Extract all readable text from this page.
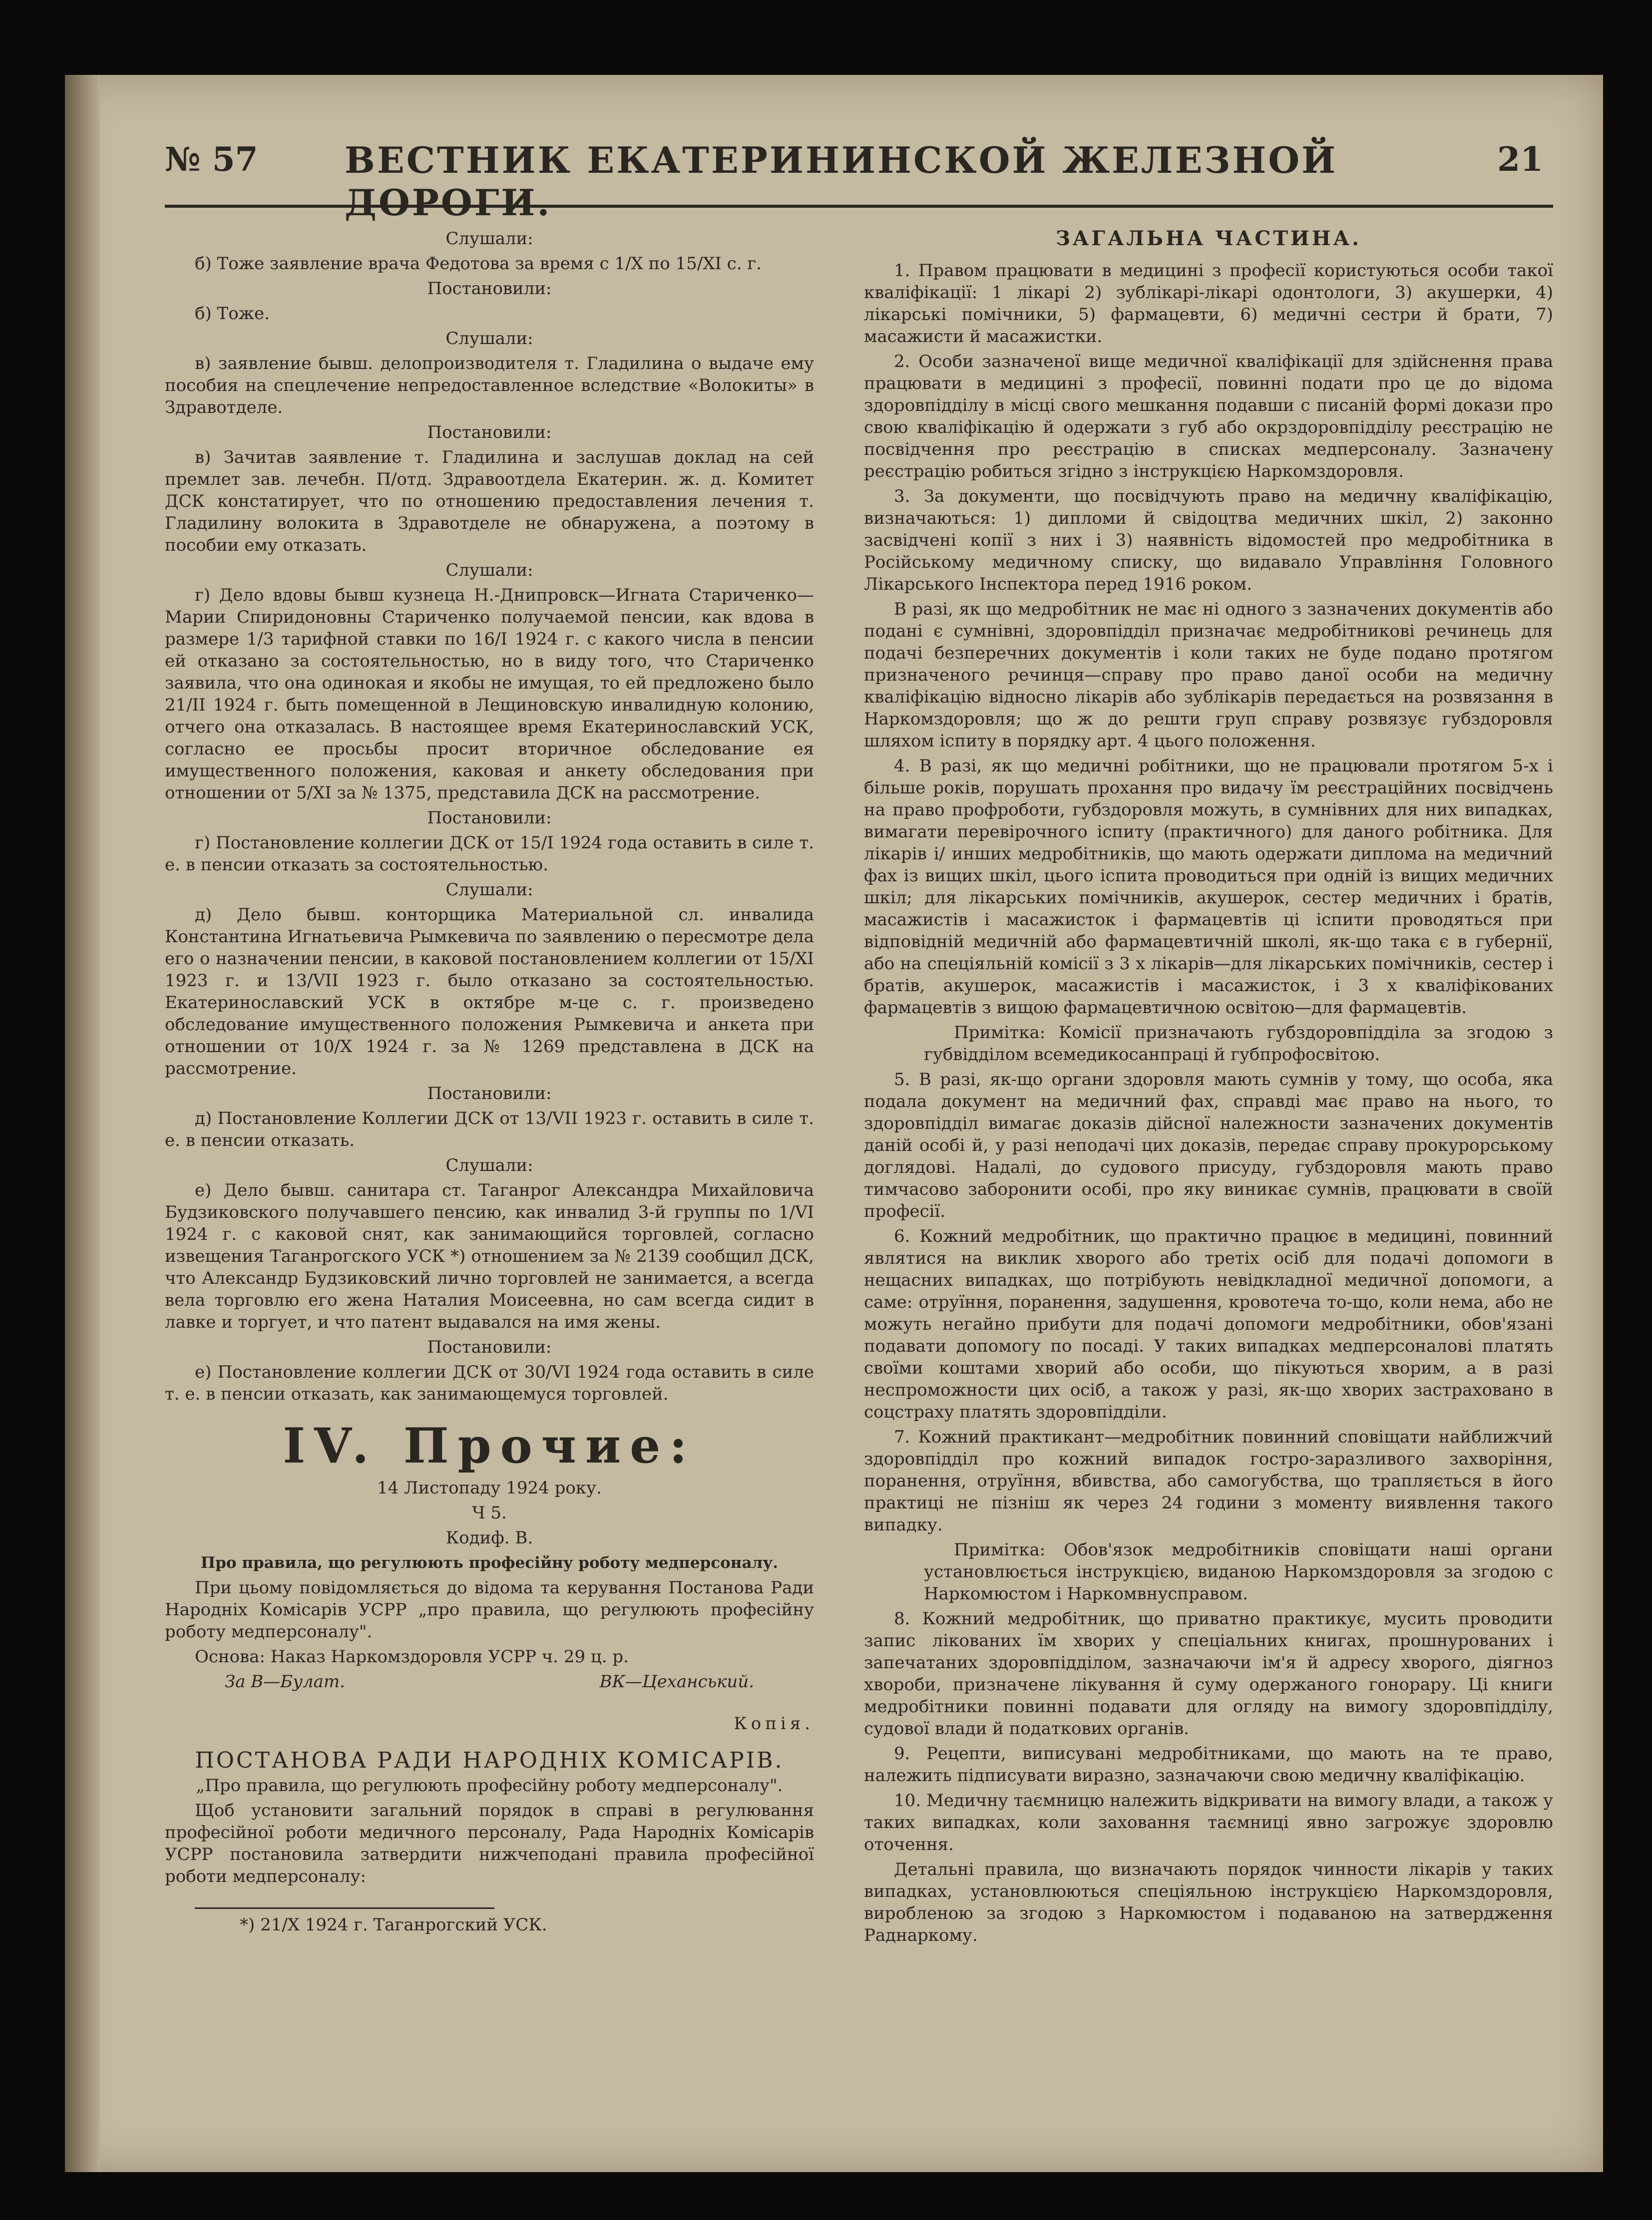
№ 57 ВЕСТНИК ЕКАТЕРИНИНСКОЙ ЖЕЛЕЗНОЙ ДОРОГИ.
21
Слушали:

б) Тоже заявление врача Федотова за время с 1/X по 15/XI с. г.

Постановили:

б) Тоже.

Слушали:

в) заявление бывш. делопроизводителя т. Гладилина о выдаче ему пособия на спецлечение непредоставленное вследствие «Волокиты» в Здравотделе.

Постановили:

в) Зачитав заявление т. Гладилина и заслушав доклад на сей премлет зав. лечебн. П/отд. Здравоотдела Екатерин. ж. д. Комитет ДСК констатирует, что по отношению предоставления лечения т. Гладилину волокита в Здравотделе не обнаружена, а поэтому в пособии ему отказать.

Слушали:

г) Дело вдовы бывш кузнеца Н.-Днипровск—Игната Стариченко—Марии Спиридоновны Стариченко получаемой пенсии, как вдова в размере 1/3 тарифной ставки по 16/I 1924 г. с какого числа в пенсии ей отказано за состоятельностью, но в виду того, что Стариченко заявила, что она одинокая и якобы не имущая, то ей предложено было 21/II 1924 г. быть помещенной в Лещиновскую инвалидную колонию, отчего она отказалась. В настоящее время Екатеринославский УСК, согласно ее просьбы просит вторичное обследование ея имущественного положения, каковая и анкету обследования при отношении от 5/XI за № 1375, представила ДСК на рассмотрение.

Постановили:

г) Постановление коллегии ДСК от 15/I 1924 года оставить в силе т. е. в пенсии отказать за состоятельностью.

Слушали:

д) Дело бывш. конторщика Материальной сл. инвалида Константина Игнатьевича Рымкевича по заявлению о пересмотре дела его о назначении пенсии, в каковой постановлением коллегии от 15/XI 1923 г. и 13/VII 1923 г. было отказано за состоятельностью. Екатеринославский УСК в октябре м-це с. г. произведено обследование имущественного положения Рымкевича и анкета при отношении от 10/X 1924 г. за № 1269 представлена в ДСК на рассмотрение.

Постановили:

д) Постановление Коллегии ДСК от 13/VII 1923 г. оставить в силе т. е. в пенсии отказать.

Слушали:

е) Дело бывш. санитара ст. Таганрог Александра Михайловича Будзиковского получавшего пенсию, как инвалид 3-й группы по 1/VI 1924 г. с каковой снят, как занимающийся торговлей, согласно извещения Таганрогского УСК *) отношением за № 2139 сообщил ДСК, что Александр Будзиковский лично торговлей не занимается, а всегда вела торговлю его жена Наталия Моисеевна, но сам всегда сидит в лавке и торгует, и что патент выдавался на имя жены.

Постановили:

е) Постановление коллегии ДСК от 30/VI 1924 года оставить в силе т. е. в пенсии отказать, как занимающемуся торговлей.

IV. Прочие:
14 Листопаду 1924 року.
Ч 5.
Кодиф. В.
Про правила, що регулюють професійну роботу медперсоналу.

При цьому повідомляється до відома та керування Постанова Ради Народніх Комісарів УСРР „про правила, що регулюють професійну роботу медперсоналу".

Основа: Наказ Наркомздоровля УСРР ч. 29 ц. р.

За В—Булат.	ВК—Цеханський.
Копія.
ПОСТАНОВА РАДИ НАРОДНІХ КОМІСАРІВ.
„Про правила, що регулюють професійну роботу медперсоналу".

Щоб установити загальний порядок в справі в регулювання професійної роботи медичного персоналу, Рада Народніх Комісарів УСРР постановила затвердити нижчеподані правила професійної роботи медперсоналу:

*) 21/X 1924 г. Таганрогский УСК.
ЗАГАЛЬНА ЧАСТИНА.

1. Правом працювати в медицині з професії користуються особи такої кваліфікації: 1 лікарі 2) зублікарі-лікарі одонтологи, 3) акушерки, 4) лікарські помічники, 5) фармацевти, 6) медичні сестри й брати, 7) масажисти й масажистки.

2. Особи зазначеної вище медичної кваліфікації для здійснення права працювати в медицині з професії, повинні подати про це до відома здоровпідділу в місці свого мешкання подавши с писаній формі докази про свою кваліфікацію й одержати з губ або окрздоровпідділу реєстрацію не посвідчення про реєстрацію в списках медперсоналу. Зазначену реєстрацію робиться згідно з інструкцією Наркомздоровля.

3. За документи, що посвідчують право на медичну кваліфікацію, визначаються: 1) дипломи й свідоцтва медичних шкіл, 2) законно засвідчені копії з них і 3) наявність відомостей про медробітника в Російському медичному списку, що видавало Управління Головного Лікарського Інспектора перед 1916 роком.

В разі, як що медробітник не має ні одного з зазначених документів або подані є сумнівні, здоровпідділ призначає медробітникові речинець для подачі безперечних документів і коли таких не буде подано протягом призначеного речинця—справу про право даної особи на медичну кваліфікацію відносно лікарів або зублікарів передається на розвязання в Наркомздоровля; що ж до решти груп справу розвязує губздоровля шляхом іспиту в порядку арт. 4 цього положення.

4. В разі, як що медичні робітники, що не працювали протягом 5-х і більше років, порушать прохання про видачу їм реєстраційних посвідчень на право профроботи, губздоровля можуть, в сумнівних для них випадках, вимагати перевірочного іспиту (практичного) для даного робітника. Для лікарів і/ инших медробітників, що мають одержати диплома на медичний фах із вищих шкіл, цього іспита проводиться при одній із вищих медичних шкіл; для лікарських помічників, акушерок, сестер медичних і братів, масажистів і масажисток і фармацевтів ці іспити проводяться при відповідній медичній або фармацевтичній школі, як-що така є в губернії, або на спеціяльній комісії з 3 х лікарів—для лікарських помічників, сестер і братів, акушерок, масажистів і масажисток, і 3 х кваліфікованих фармацевтів з вищою фармацевтичною освітою—для фармацевтів.

Примітка: Комісії призначають губздоровпідділа за згодою з губвідділом всемедикосанпраці й губпрофосвітою.

5. В разі, як-що органи здоровля мають сумнів у тому, що особа, яка подала документ на медичний фах, справді має право на нього, то здоровпідділ вимагає доказів дійсної належности зазначених документів даній особі й, у разі неподачі цих доказів, передає справу прокурорському доглядові. Надалі, до судового присуду, губздоровля мають право тимчасово заборонити особі, про яку виникає сумнів, працювати в своїй професії.

6. Кожний медробітник, що практично працює в медицині, повинний являтися на виклик хворого або третіх осіб для подачі допомоги в нещасних випадках, що потрібують невідкладної медичної допомоги, а саме: отруїння, поранення, задушення, кровотеча то-що, коли нема, або не можуть негайно прибути для подачі допомоги медробітники, обов'язані подавати допомогу по посаді. У таких випадках медперсоналові платять своїми коштами хворий або особи, що пікуються хворим, а в разі неспроможности цих осіб, а також у разі, як-що хворих застраховано в соцстраху платять здоровпідділи.

7. Кожний практикант—медробітник повинний сповіщати найближчий здоровпідділ про кожний випадок гостро-заразливого захворіння, поранення, отруїння, вбивства, або самогубства, що трапляється в його практиці не пізніш як через 24 години з моменту виявлення такого випадку.

Примітка: Обов'язок медробітників сповіщати наші органи установлюється інструкцією, виданою Наркомздоровля за згодою с Наркомюстом і Наркомвнусправом.

8. Кожний медробітник, що приватно практикує, мусить проводити запис лікованих їм хворих у спеціальних книгах, прошнурованих і запечатаних здоровпідділом, зазначаючи ім'я й адресу хворого, діягноз хвороби, призначене лікування й суму одержаного гонорару. Ці книги медробітники повинні подавати для огляду на вимогу здоровпідділу, судової влади й податкових органів.

9. Рецепти, виписувані медробітниками, що мають на те право, належить підписувати виразно, зазначаючи свою медичну кваліфікацію.

10. Медичну таємницю належить відкривати на вимогу влади, а також у таких випадках, коли заховання таємниці явно загрожує здоровлю оточення.

Детальні правила, що визначають порядок чинности лікарів у таких випадках, установлюються спеціяльною інструкцією Наркомздоровля, виробленою за згодою з Наркомюстом і подаваною на затвердження Раднаркому.
